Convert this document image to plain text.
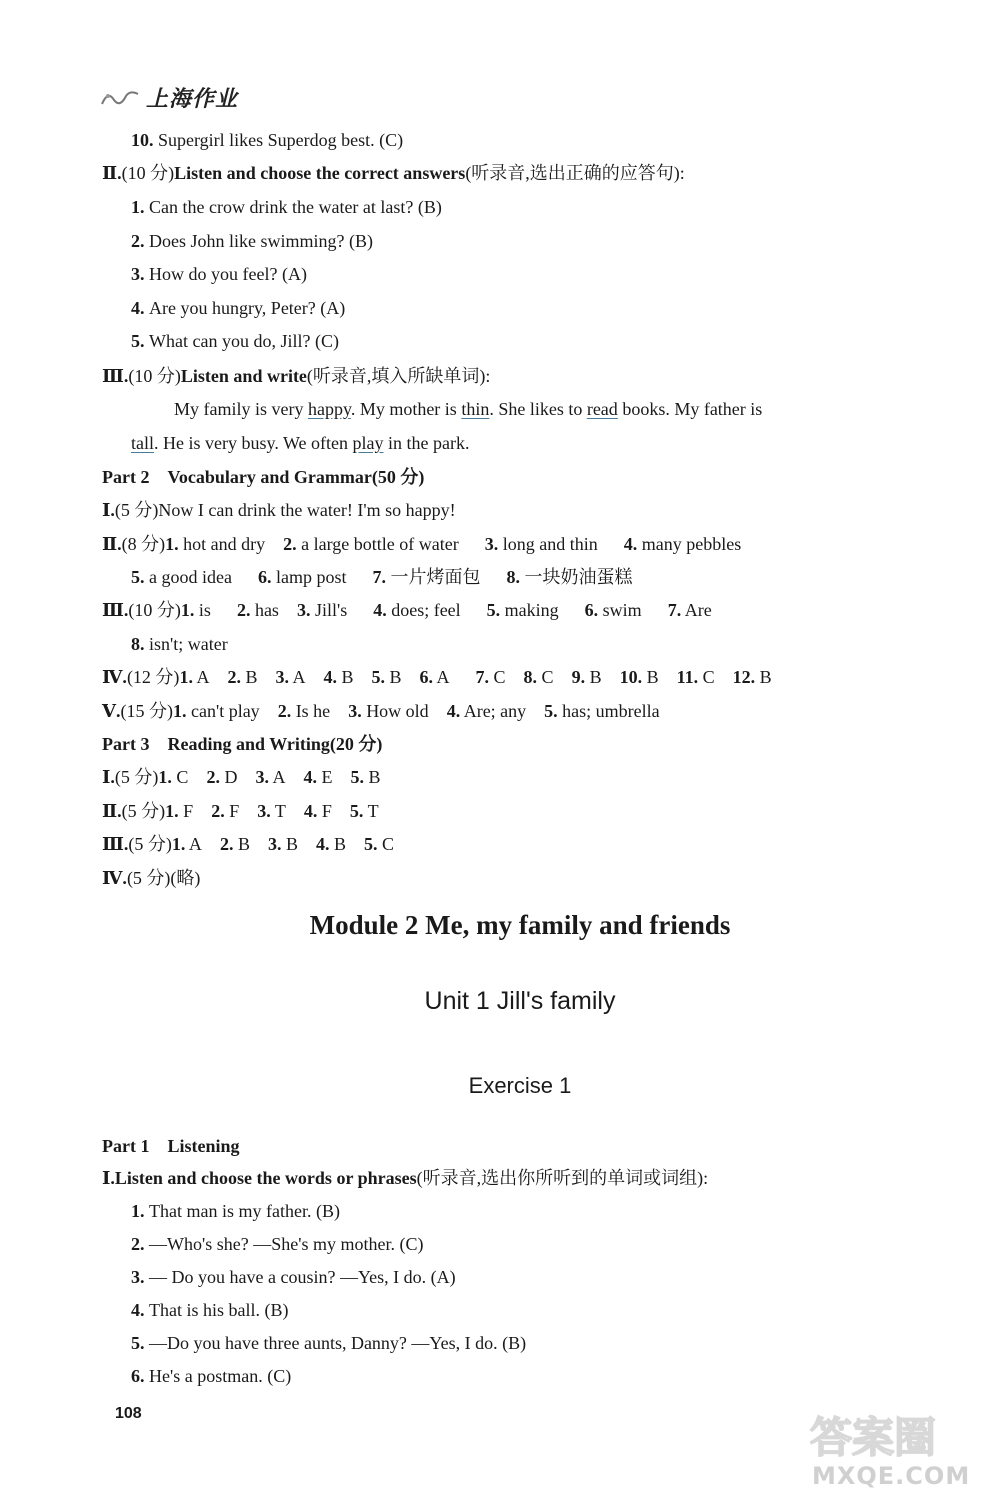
上海作业
10. Supergirl likes Superdog best. (C)
Ⅱ.(10 分)Listen and choose the correct answers(听录音,选出正确的应答句):
1. Can the crow drink the water at last? (B)
2. Does John like swimming? (B)
3. How do you feel? (A)
4. Are you hungry, Peter? (A)
5. What can you do, Jill? (C)
Ⅲ.(10 分)Listen and write(听录音,填入所缺单词):
My family is very happy. My mother is thin. She likes to read books. My father is
tall. He is very busy. We often play in the park.
Part 2 Vocabulary and Grammar(50 分)
Ⅰ.(5 分)Now I can drink the water! I'm so happy!
Ⅱ.(8 分)1. hot and dry 2. a large bottle of water 3. long and thin 4. many pebbles
5. a good idea 6. lamp post 7. 一片烤面包 8. 一块奶油蛋糕
Ⅲ.(10 分)1. is 2. has 3. Jill's 4. does; feel 5. making 6. swim 7. Are
8. isn't; water
Ⅳ.(12 分)1. A 2. B 3. A 4. B 5. B 6. A 7. C 8. C 9. B 10. B 11. C 12. B
Ⅴ.(15 分)1. can't play 2. Is he 3. How old 4. Are; any 5. has; umbrella
Part 3 Reading and Writing(20 分)
Ⅰ.(5 分)1. C 2. D 3. A 4. E 5. B
Ⅱ.(5 分)1. F 2. F 3. T 4. F 5. T
Ⅲ.(5 分)1. A 2. B 3. B 4. B 5. C
Ⅳ.(5 分)(略)
Module 2 Me, my family and friends
Unit 1 Jill's family
Exercise 1
Part 1 Listening
Ⅰ.Listen and choose the words or phrases(听录音,选出你所听到的单词或词组):
1. That man is my father. (B)
2. —Who's she? —She's my mother. (C)
3. — Do you have a cousin? —Yes, I do. (A)
4. That is his ball. (B)
5. —Do you have three aunts, Danny? —Yes, I do. (B)
6. He's a postman. (C)
108	答案圈
MXQE.COM
